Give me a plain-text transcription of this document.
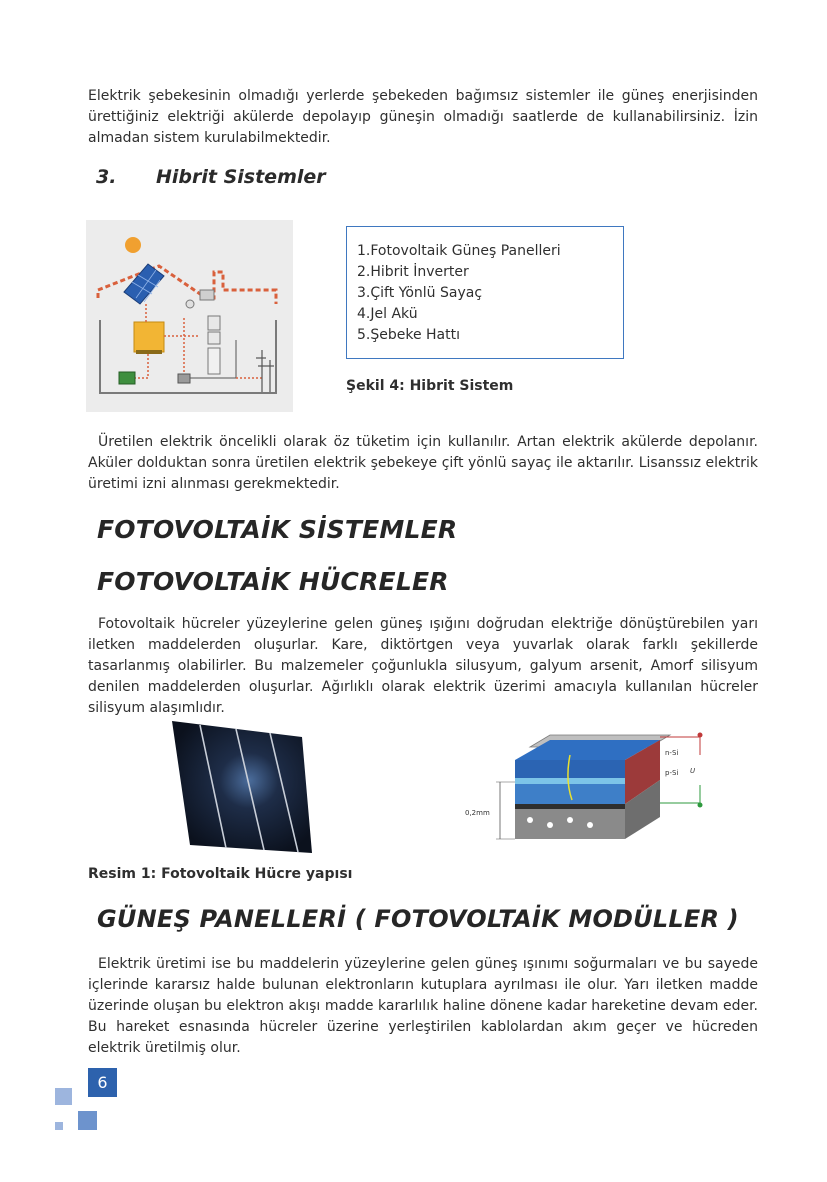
Elektrik şebekesinin olmadığı yerlerde şebekeden bağımsız sistemler ile güneş enerjisinden ürettiğiniz elektriği akülerde depolayıp güneşin olmadığı saatlerde de kullanabilirsiniz. İzin almadan sistem kurulabilmektedir.

3. Hibrit Sistemler
1.Fotovoltaik Güneş Panelleri
2.Hibrit İnverter
3.Çift Yönlü Sayaç
4.Jel Akü
5.Şebeke Hattı
Şekil 4: Hibrit Sistem

Üretilen elektrik öncelikli olarak öz tüketim için kullanılır. Artan elektrik akülerde depolanır. Aküler dolduktan sonra üretilen elektrik şebekeye çift yönlü sayaç ile aktarılır. Lisanssız elektrik üretimi izni alınması gerekmektedir.

FOTOVOLTAİK SİSTEMLER
FOTOVOLTAİK HÜCRELER

Fotovoltaik hücreler yüzeylerine gelen güneş ışığını doğrudan elektriğe dönüştürebilen yarı iletken maddelerden oluşurlar. Kare, diktörtgen veya yuvarlak olarak farklı şekillerde tasarlanmış olabilirler. Bu malzemeler çoğunlukla silusyum, galyum arsenit, Amorf silisyum denilen maddelerden oluşurlar. Ağırlıklı olarak elektrik üzerimi amacıyla kullanılan hücreler silisyum alaşımlıdır.

0,2mm
n-Si
p-Si U
Resim 1: Fotovoltaik Hücre yapısı
GÜNEŞ PANELLERİ ( FOTOVOLTAİK MODÜLLER )

Elektrik üretimi ise bu maddelerin yüzeylerine gelen güneş ışınımı soğurmaları ve bu sayede içlerinde kararsız halde bulunan elektronların kutuplara ayrılması ile olur. Yarı iletken madde üzerinde oluşan bu elektron akışı madde kararlılık haline dönene kadar hareketine devam eder. Bu hareket esnasında hücreler üzerine yerleştirilen kablolardan akım geçer ve hücreden elektrik üretilmiş olur.

6
